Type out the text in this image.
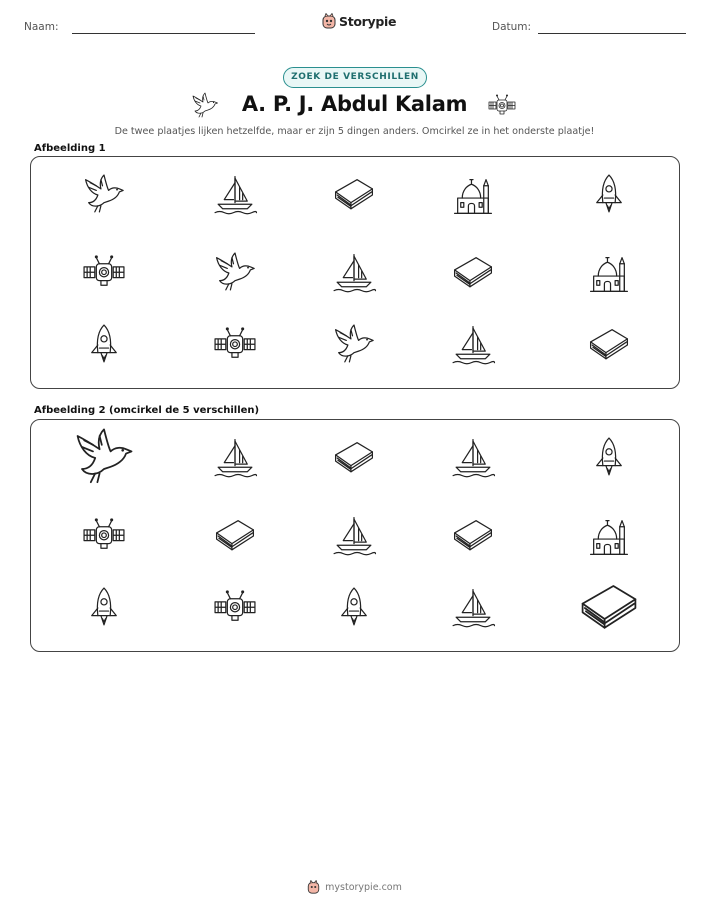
Naam:	Storypie	Datum:
ZOEK DE VERSCHILLEN
A. P. J. Abdul Kalam
De twee plaatjes lijken hetzelfde, maar er zijn 5 dingen anders. Omcirkel ze in het onderste plaatje!
Afbeelding 1
Afbeelding 2 (omcirkel de 5 verschillen)
mystorypie.com
